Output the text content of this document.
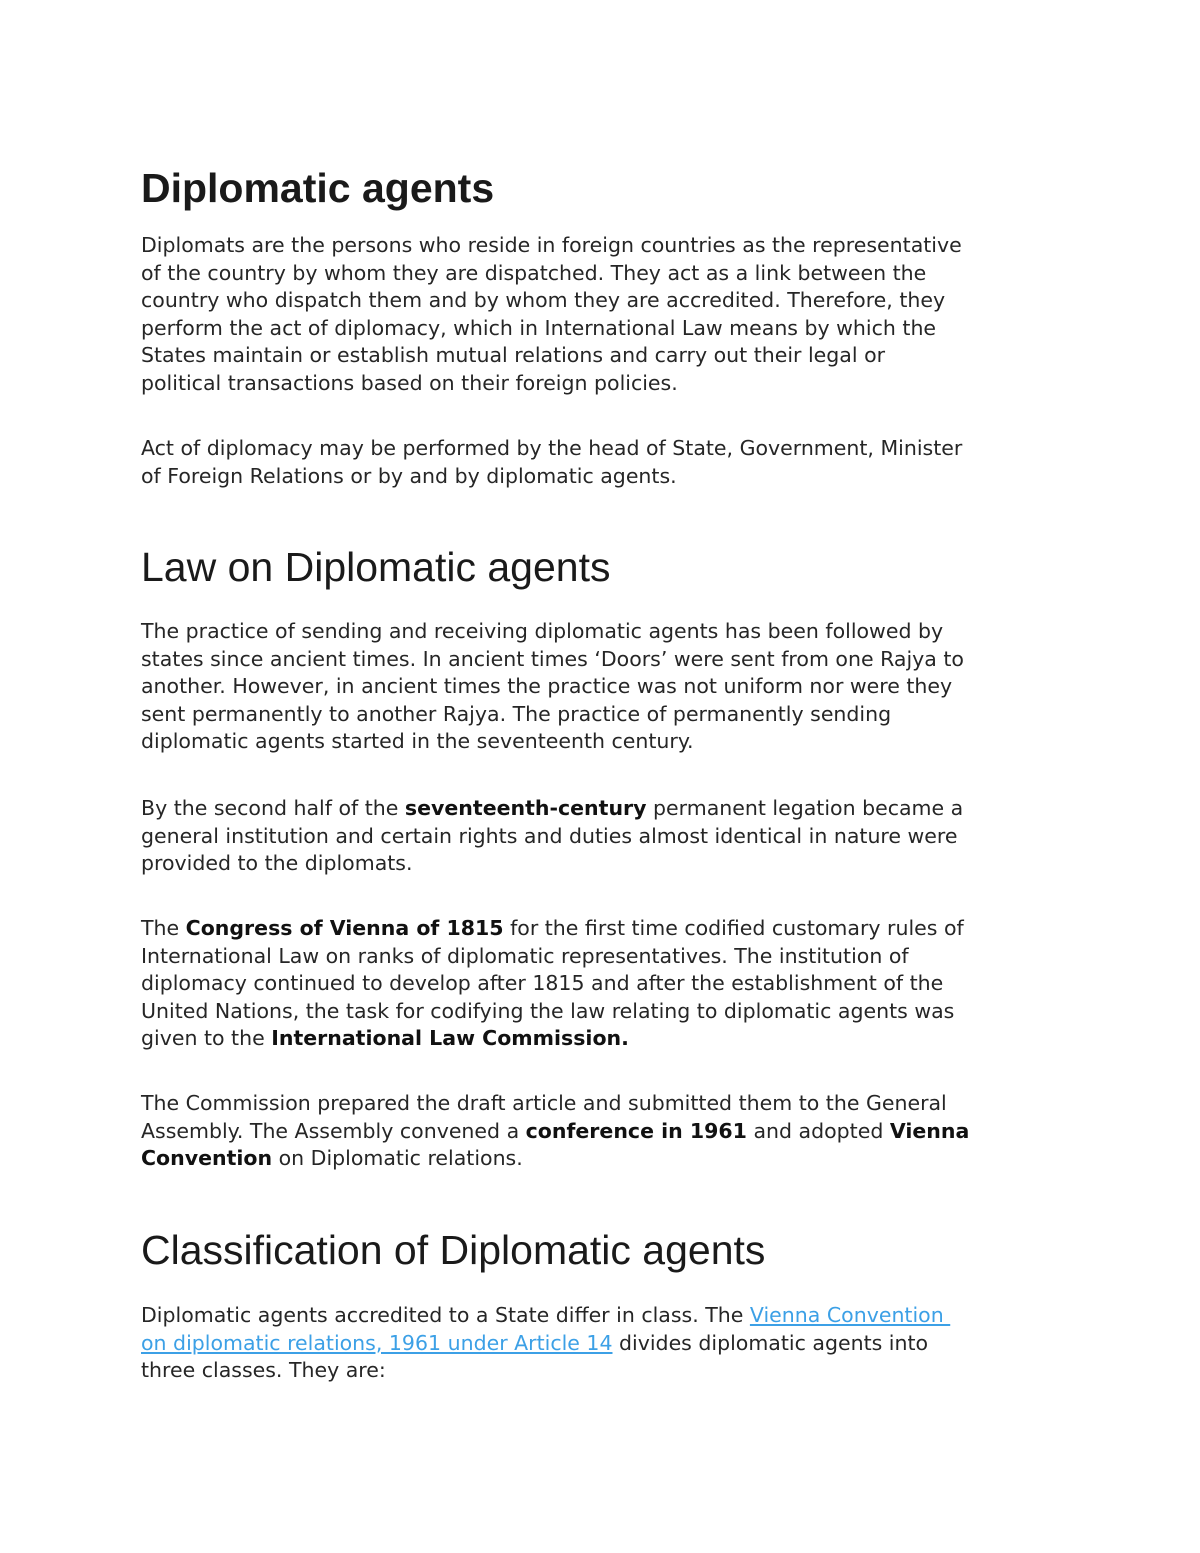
Diplomatic agents
Diplomats are the persons who reside in foreign countries as the representative
of the country by whom they are dispatched. They act as a link between the
country who dispatch them and by whom they are accredited. Therefore, they
perform the act of diplomacy, which in International Law means by which the
States maintain or establish mutual relations and carry out their legal or
political transactions based on their foreign policies.
Act of diplomacy may be performed by the head of State, Government, Minister
of Foreign Relations or by and by diplomatic agents.
Law on Diplomatic agents
The practice of sending and receiving diplomatic agents has been followed by
states since ancient times. In ancient times ‘Doors’ were sent from one Rajya to
another. However, in ancient times the practice was not uniform nor were they
sent permanently to another Rajya. The practice of permanently sending
diplomatic agents started in the seventeenth century.
By the second half of the seventeenth-century permanent legation became a
general institution and certain rights and duties almost identical in nature were
provided to the diplomats.
The Congress of Vienna of 1815 for the first time codified customary rules of
International Law on ranks of diplomatic representatives. The institution of
diplomacy continued to develop after 1815 and after the establishment of the
United Nations, the task for codifying the law relating to diplomatic agents was
given to the International Law Commission.
The Commission prepared the draft article and submitted them to the General
Assembly. The Assembly convened a conference in 1961 and adopted Vienna
Convention on Diplomatic relations.
Classification of Diplomatic agents
Diplomatic agents accredited to a State differ in class. The Vienna Convention
on diplomatic relations, 1961 under Article 14 divides diplomatic agents into
three classes. They are:
